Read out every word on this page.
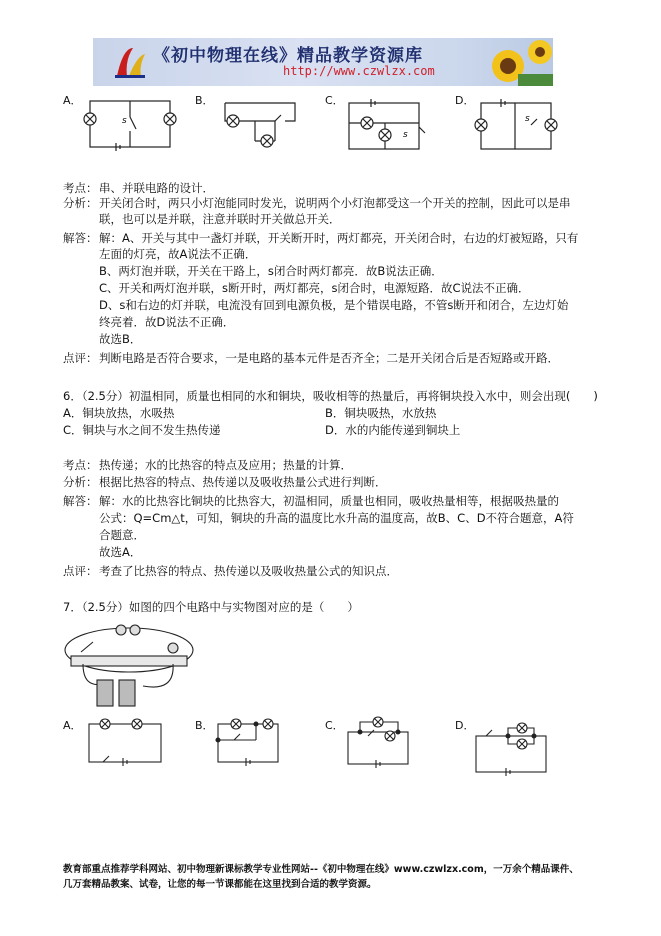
《初中物理在线》精品教学资源库
http://www.czwlzx.com
A．	B．	C．	D．
s
s
s
考点： 串、并联电路的设计．
分析： 开关闭合时，两只小灯泡能同时发光，说明两个小灯泡都受这一个开关的控制，因此可以是串
联，也可以是并联，注意并联时开关做总开关．
解答： 解：A、开关与其中一盏灯并联，开关断开时，两灯都亮，开关闭合时，右边的灯被短路，只有
左面的灯亮，故A说法不正确．
B、两灯泡并联，开关在干路上，s闭合时两灯都亮．故B说法正确．
C、开关和两灯泡并联，s断开时，两灯都亮，s闭合时，电源短路．故C说法不正确．
D、s和右边的灯并联，电流没有回到电源负极，是个错误电路，不管s断开和闭合，左边灯始
终亮着．故D说法不正确．
故选B．
点评： 判断电路是否符合要求，一是电路的基本元件是否齐全；二是开关闭合后是否短路或开路．
6．（2.5分）初温相同，质量也相同的水和铜块，吸收相等的热量后，再将铜块投入水中，则会出现(　　)
A．铜块放热，水吸热	B．铜块吸热，水放热
C．铜块与水之间不发生热传递	D．水的内能传递到铜块上
考点： 热传递；水的比热容的特点及应用；热量的计算．
分析： 根据比热容的特点、热传递以及吸收热量公式进行判断．
解答： 解：水的比热容比铜块的比热容大，初温相同，质量也相同，吸收热量相等，根据吸热量的
公式：Q=Cm△t，可知，铜块的升高的温度比水升高的温度高，故B、C、D不符合题意，A符
合题意．
故选A．
点评： 考查了比热容的特点、热传递以及吸收热量公式的知识点．
7．（2.5分）如图的四个电路中与实物图对应的是（　　）
A．	B．	C．	D．
教育部重点推荐学科网站、初中物理新课标教学专业性网站--《初中物理在线》www.czwlzx.com，一万余个精品课件、
几万套精品教案、试卷，让您的每一节课都能在这里找到合适的教学资源。
